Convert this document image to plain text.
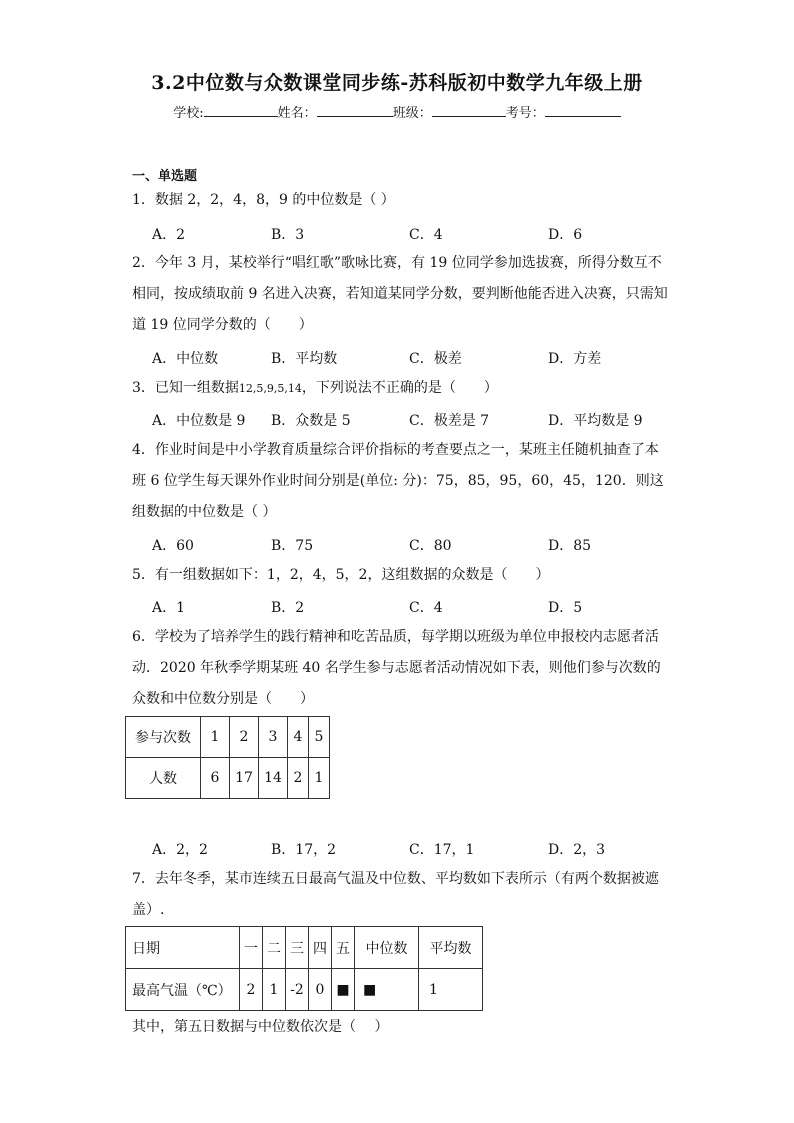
3.2中位数与众数课堂同步练-苏科版初中数学九年级上册
学校:	姓名：	班级：	考号：
一、单选题
1．数据 2，2，4，8，9 的中位数是（ ）
A．2	B．3	C．4	D．6
2．今年 3 月，某校举行“唱红歌”歌咏比赛，有 19 位同学参加选拔赛，所得分数互不相同，按成绩取前 9 名进入决赛，若知道某同学分数，要判断他能否进入决赛，只需知道 19 位同学分数的（　　）
A．中位数	B．平均数	C．极差	D．方差
3．已知一组数据12,5,9,5,14，下列说法不正确的是（　　）
A．中位数是 9 B．众数是 5	C．极差是 7	D．平均数是 9
4．作业时间是中小学教育质量综合评价指标的考查要点之一，某班主任随机抽查了本班 6 位学生每天课外作业时间分别是(单位: 分)：75，85，95，60，45，120．则这组数据的中位数是（ ）
A．60	B．75	C．80	D．85
5．有一组数据如下：1，2，4，5，2，这组数据的众数是（　　）
A．1	B．2	C．4	D．5
6．学校为了培养学生的践行精神和吃苦品质，每学期以班级为单位申报校内志愿者活动．2020 年秋季学期某班 40 名学生参与志愿者活动情况如下表，则他们参与次数的众数和中位数分别是（　　）
参与次数	1	2	3	4	5
人数	6	17	14	2	1
A．2，2	B．17，2	C．17，1	D．2，3
7．去年冬季，某市连续五日最高气温及中位数、平均数如下表所示（有两个数据被遮盖）.
日期	一	二	三	四	五	中位数	平均数
最高气温（℃）	2	1	-2	0	■	■	1
其中，第五日数据与中位数依次是（　 ）
